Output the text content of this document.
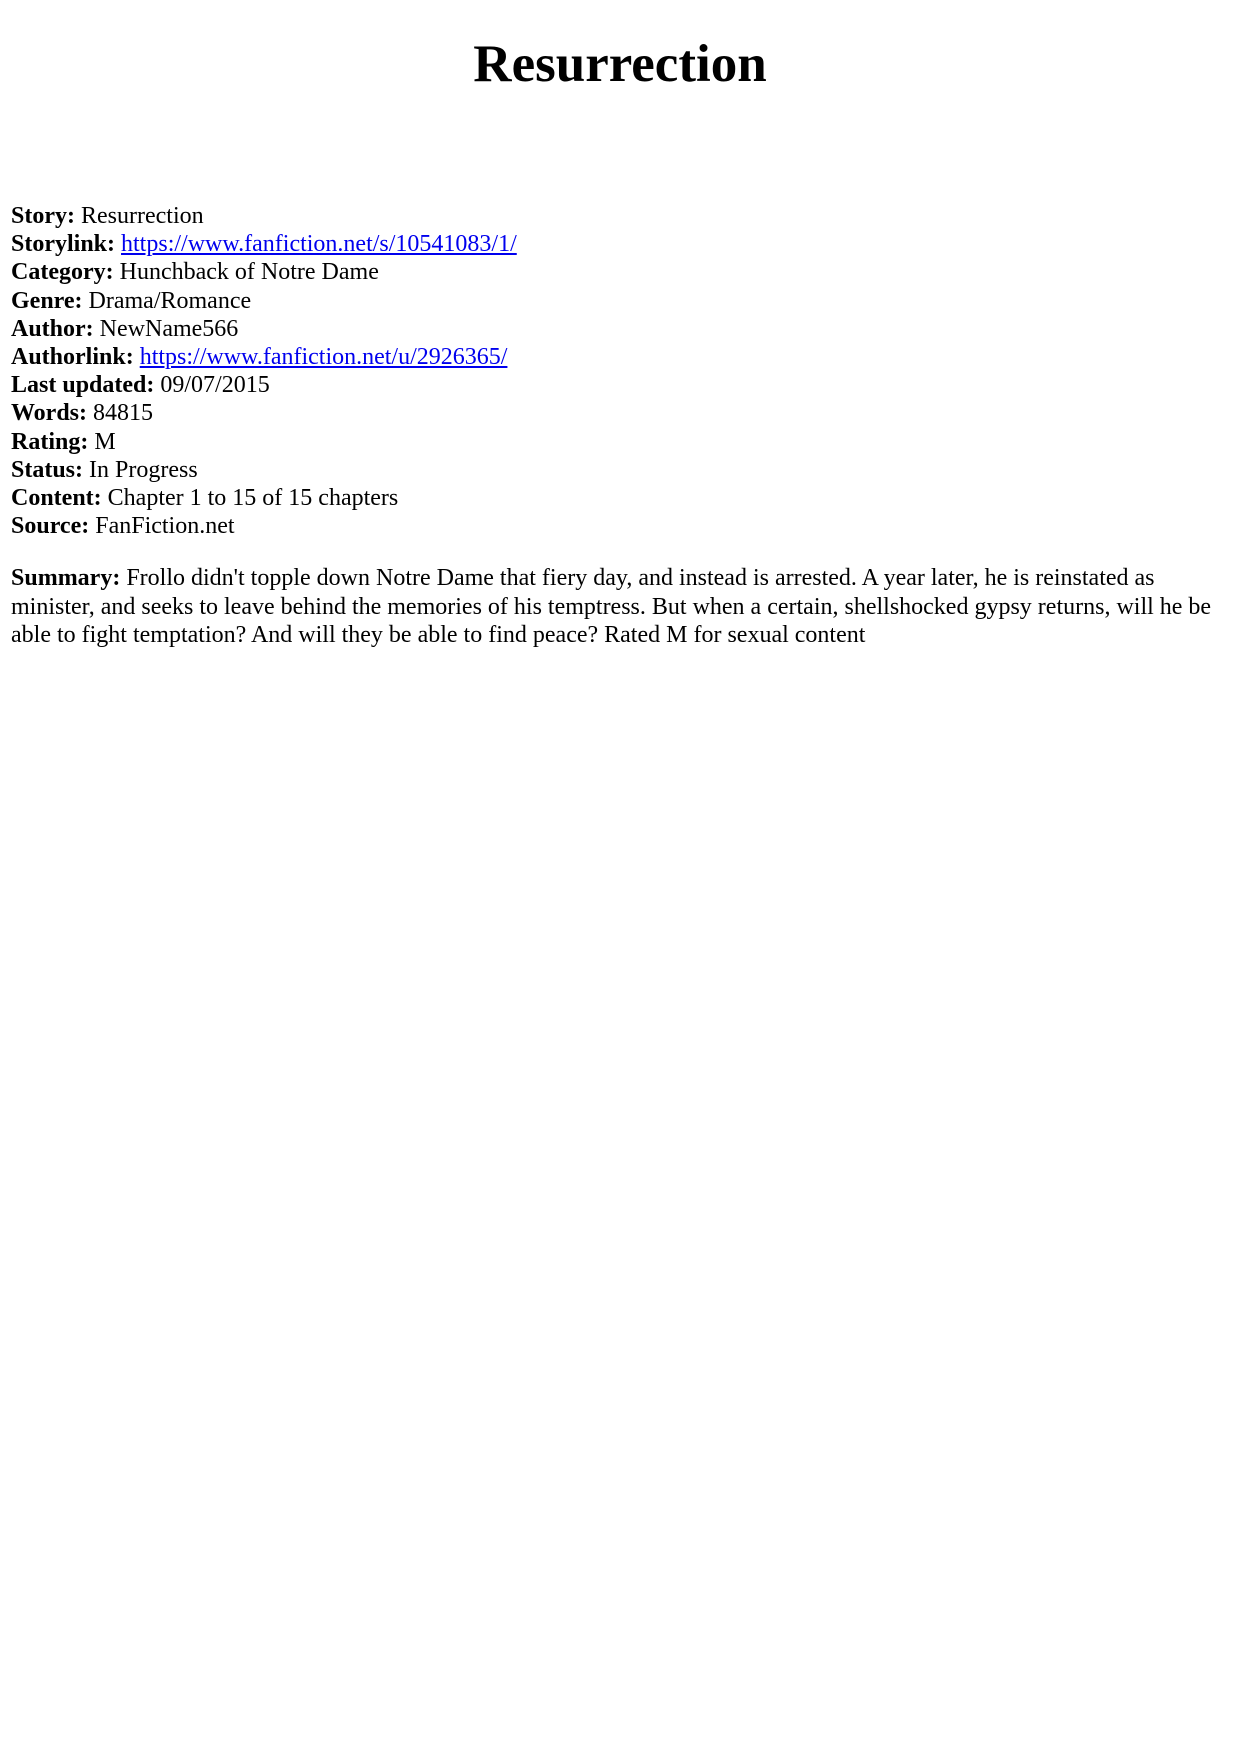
Resurrection
Story: Resurrection
Storylink: https://www.fanfiction.net/s/10541083/1/
Category: Hunchback of Notre Dame
Genre: Drama/Romance
Author: NewName566
Authorlink: https://www.fanfiction.net/u/2926365/
Last updated: 09/07/2015
Words: 84815
Rating: M
Status: In Progress
Content: Chapter 1 to 15 of 15 chapters
Source: FanFiction.net
Summary: Frollo didn't topple down Notre Dame that fiery day, and instead is arrested. A year later, he is reinstated as minister, and seeks to leave behind the memories of his temptress. But when a certain, shellshocked gypsy returns, will he be able to fight temptation? And will they be able to find peace? Rated M for sexual content
